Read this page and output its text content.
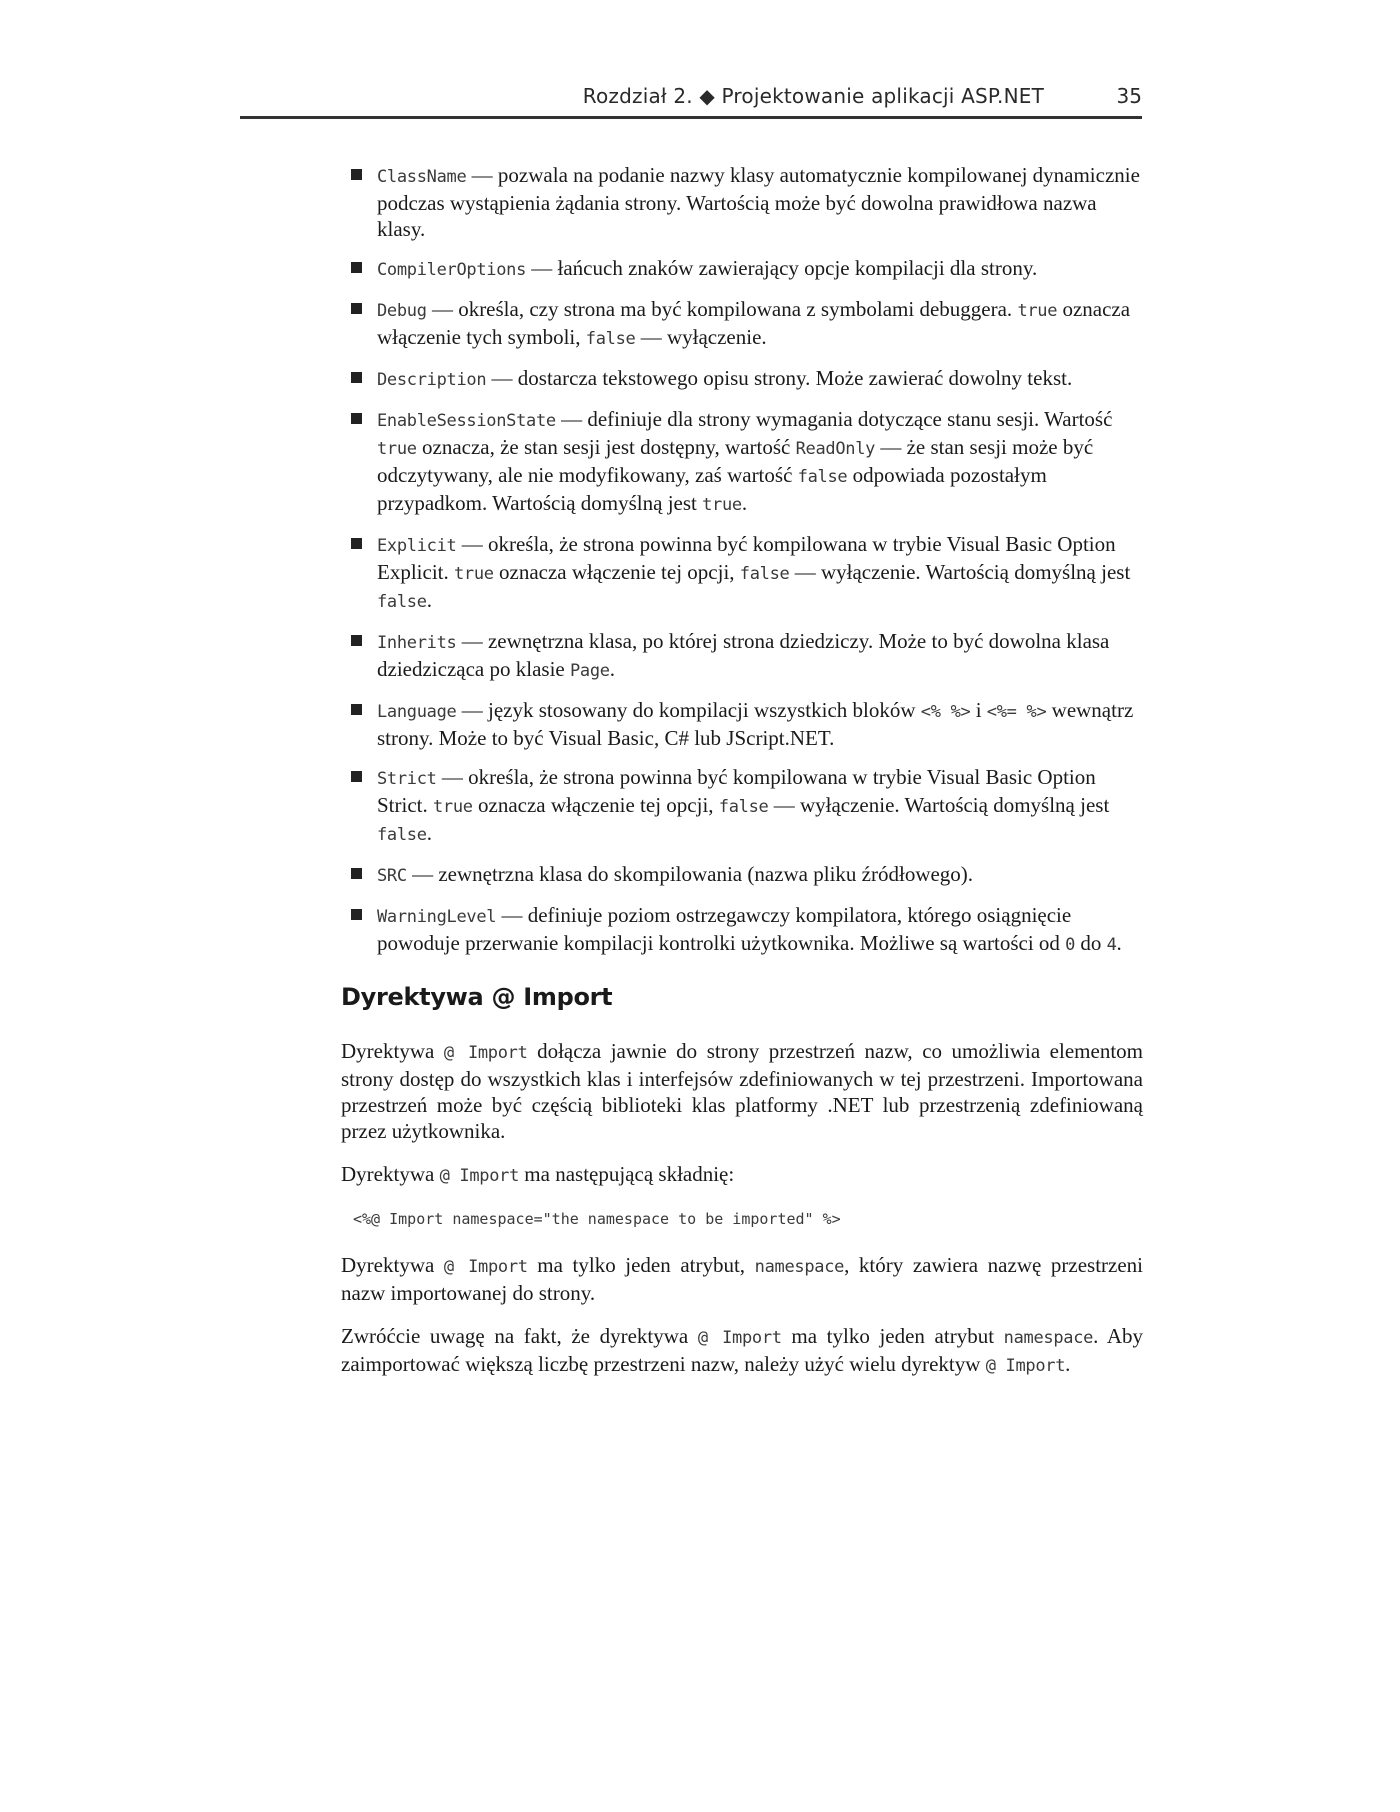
Rozdział 2. ◆ Projektowanie aplikacji ASP.NET	35
ClassName — pozwala na podanie nazwy klasy automatycznie kompilowanej dynamicznie podczas wystąpienia żądania strony. Wartością może być dowolna prawidłowa nazwa klasy.
CompilerOptions — łańcuch znaków zawierający opcje kompilacji dla strony.
Debug — określa, czy strona ma być kompilowana z symbolami debuggera. true oznacza włączenie tych symboli, false — wyłączenie.
Description — dostarcza tekstowego opisu strony. Może zawierać dowolny tekst.
EnableSessionState — definiuje dla strony wymagania dotyczące stanu sesji. Wartość true oznacza, że stan sesji jest dostępny, wartość ReadOnly — że stan sesji może być odczytywany, ale nie modyfikowany, zaś wartość false odpowiada pozostałym przypadkom. Wartością domyślną jest true.
Explicit — określa, że strona powinna być kompilowana w trybie Visual Basic Option Explicit. true oznacza włączenie tej opcji, false — wyłączenie. Wartością domyślną jest false.
Inherits — zewnętrzna klasa, po której strona dziedziczy. Może to być dowolna klasa dziedzicząca po klasie Page.
Language — język stosowany do kompilacji wszystkich bloków <% %> i <%= %> wewnątrz strony. Może to być Visual Basic, C# lub JScript.NET.
Strict — określa, że strona powinna być kompilowana w trybie Visual Basic Option Strict. true oznacza włączenie tej opcji, false — wyłączenie. Wartością domyślną jest false.
SRC — zewnętrzna klasa do skompilowania (nazwa pliku źródłowego).
WarningLevel — definiuje poziom ostrzegawczy kompilatora, którego osiągnięcie powoduje przerwanie kompilacji kontrolki użytkownika. Możliwe są wartości od 0 do 4.
Dyrektywa @ Import

Dyrektywa @ Import dołącza jawnie do strony przestrzeń nazw, co umożliwia elementom strony dostęp do wszystkich klas i interfejsów zdefiniowanych w tej przestrzeni. Importowana przestrzeń może być częścią biblioteki klas platformy .NET lub przestrzenią zdefiniowaną przez użytkownika.

Dyrektywa @ Import ma następującą składnię:

<%@ Import namespace="the namespace to be imported" %>

Dyrektywa @ Import ma tylko jeden atrybut, namespace, który zawiera nazwę przestrzeni nazw importowanej do strony.

Zwróćcie uwagę na fakt, że dyrektywa @ Import ma tylko jeden atrybut namespace. Aby zaimportować większą liczbę przestrzeni nazw, należy użyć wielu dyrektyw @ Import.
